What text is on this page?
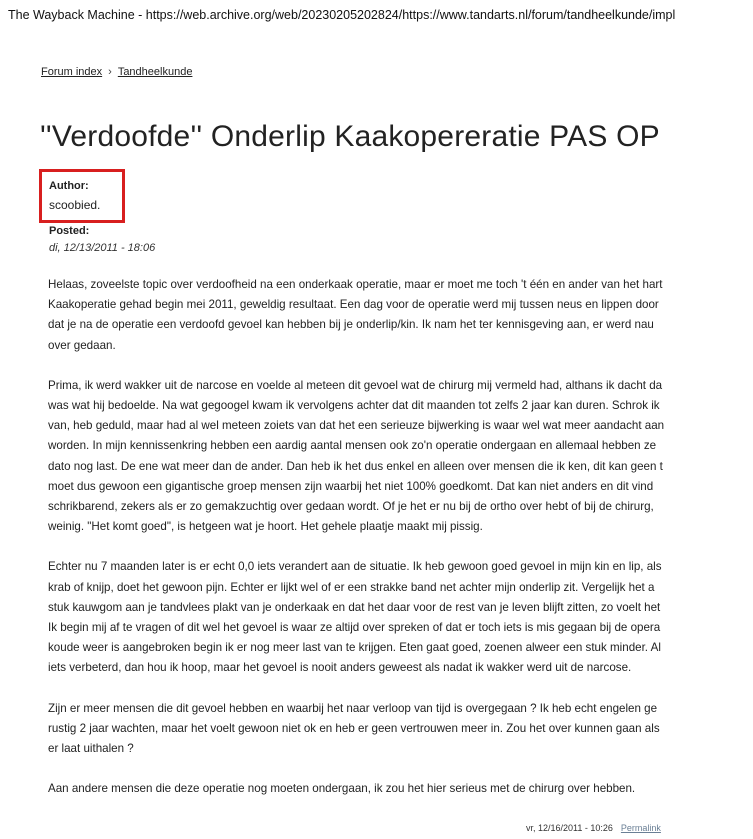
The Wayback Machine - https://web.archive.org/web/20230205202824/https://www.tandarts.nl/forum/tandheelkunde/impl
Forum index › Tandheelkunde
''Verdoofde'' Onderlip Kaakopereratie PAS OP
Author:
scoobied.
Posted:
di, 12/13/2011 - 18:06

Helaas, zoveelste topic over verdoofheid na een onderkaak operatie, maar er moet me toch 't één en ander van het hart
Kaakoperatie gehad begin mei 2011, geweldig resultaat. Een dag voor de operatie werd mij tussen neus en lippen door
dat je na de operatie een verdoofd gevoel kan hebben bij je onderlip/kin. Ik nam het ter kennisgeving aan, er werd nau
over gedaan.

Prima, ik werd wakker uit de narcose en voelde al meteen dit gevoel wat de chirurg mij vermeld had, althans ik dacht da
was wat hij bedoelde. Na wat gegoogel kwam ik vervolgens achter dat dit maanden tot zelfs 2 jaar kan duren. Schrok ik
van, heb geduld, maar had al wel meteen zoiets van dat het een serieuze bijwerking is waar wel wat meer aandacht aan
worden. In mijn kennissenkring hebben een aardig aantal mensen ook zo'n operatie ondergaan en allemaal hebben ze
dato nog last. De ene wat meer dan de ander. Dan heb ik het dus enkel en alleen over mensen die ik ken, dit kan geen t
moet dus gewoon een gigantische groep mensen zijn waarbij het niet 100% goedkomt. Dat kan niet anders en dit vind
schrikbarend, zekers als er zo gemakzuchtig over gedaan wordt. Of je het er nu bij de ortho over hebt of bij de chirurg,
weinig. "Het komt goed", is hetgeen wat je hoort. Het gehele plaatje maakt mij pissig.

Echter nu 7 maanden later is er echt 0,0 iets verandert aan de situatie. Ik heb gewoon goed gevoel in mijn kin en lip, als
krab of knijp, doet het gewoon pijn. Echter er lijkt wel of er een strakke band net achter mijn onderlip zit. Vergelijk het a
stuk kauwgom aan je tandvlees plakt van je onderkaak en dat het daar voor de rest van je leven blijft zitten, zo voelt het
Ik begin mij af te vragen of dit wel het gevoel is waar ze altijd over spreken of dat er toch iets is mis gegaan bij de opera
koude weer is aangebroken begin ik er nog meer last van te krijgen. Eten gaat goed, zoenen alweer een stuk minder. Al
iets verbeterd, dan hou ik hoop, maar het gevoel is nooit anders geweest als nadat ik wakker werd uit de narcose.

Zijn er meer mensen die dit gevoel hebben en waarbij het naar verloop van tijd is overgegaan ? Ik heb echt engelen ge
rustig 2 jaar wachten, maar het voelt gewoon niet ok en heb er geen vertrouwen meer in. Zou het over kunnen gaan als
er laat uithalen ?

Aan andere mensen die deze operatie nog moeten ondergaan, ik zou het hier serieus met de chirurg over hebben.

vr, 12/16/2011 - 10:26 Permalink
